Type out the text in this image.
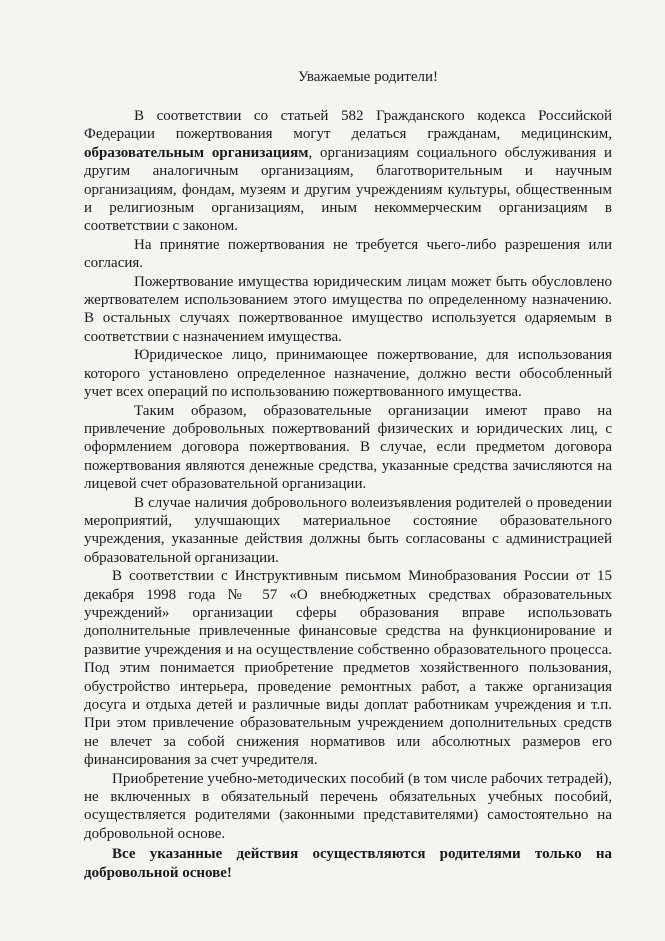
Уважаемые родители!

В соответствии со статьей 582 Гражданского кодекса Российской Федерации пожертвования могут делаться гражданам, медицинским, образовательным организациям, организациям социального обслуживания и другим аналогичным организациям, благотворительным и научным организациям, фондам, музеям и другим учреждениям культуры, общественным и религиозным организациям, иным некоммерческим организациям в соответствии с законом.

На принятие пожертвования не требуется чьего-либо разрешения или согласия.

Пожертвование имущества юридическим лицам может быть обусловлено жертвователем использованием этого имущества по определенному назначению. В остальных случаях пожертвованное имущество используется одаряемым в соответствии с назначением имущества.

Юридическое лицо, принимающее пожертвование, для использования которого установлено определенное назначение, должно вести обособленный учет всех операций по использованию пожертвованного имущества.

Таким образом, образовательные организации имеют право на привлечение добровольных пожертвований физических и юридических лиц, с оформлением договора пожертвования. В случае, если предметом договора пожертвования являются денежные средства, указанные средства зачисляются на лицевой счет образовательной организации.

В случае наличия добровольного волеизъявления родителей о проведении мероприятий, улучшающих материальное состояние образовательного учреждения, указанные действия должны быть согласованы с администрацией образовательной организации.

В соответствии с Инструктивным письмом Минобразования России от 15 декабря 1998 года № 57 «О внебюджетных средствах образовательных учреждений» организации сферы образования вправе использовать дополнительные привлеченные финансовые средства на функционирование и развитие учреждения и на осуществление собственно образовательного процесса. Под этим понимается приобретение предметов хозяйственного пользования, обустройство интерьера, проведение ремонтных работ, а также организация досуга и отдыха детей и различные виды доплат работникам учреждения и т.п. При этом привлечение образовательным учреждением дополнительных средств не влечет за собой снижения нормативов или абсолютных размеров его финансирования за счет учредителя.

Приобретение учебно-методических пособий (в том числе рабочих тетрадей), не включенных в обязательный перечень обязательных учебных пособий, осуществляется родителями (законными представителями) самостоятельно на добровольной основе.

Все указанные действия осуществляются родителями только на добровольной основе!
